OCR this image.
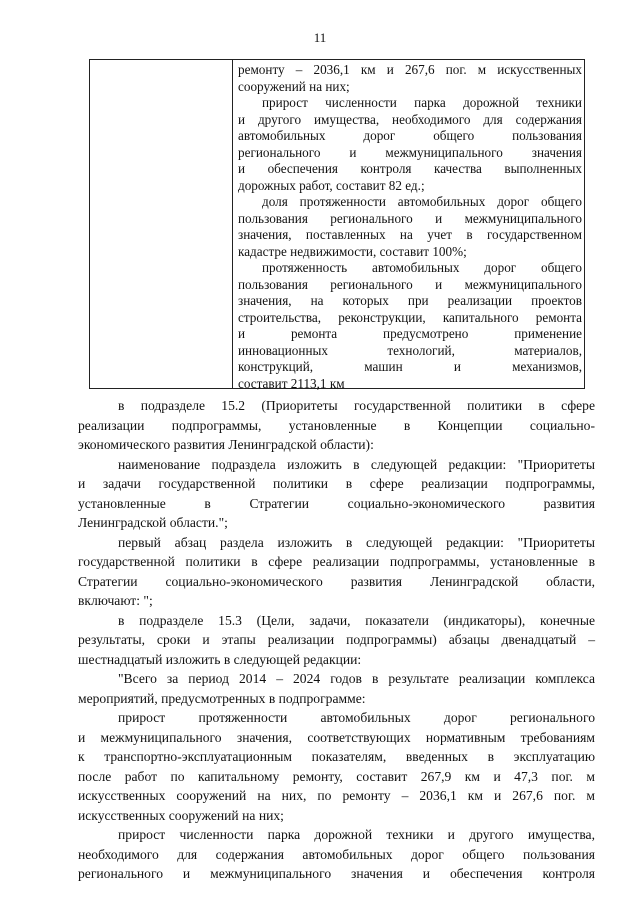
11
ремонту – 2036,1 км и 267,6 пог. м искусственных
сооружений на них;
прирост численности парка дорожной техники
и другого имущества, необходимого для содержания
автомобильных дорог общего пользования
регионального и межмуниципального значения
и обеспечения контроля качества выполненных
дорожных работ, составит 82 ед.;
доля протяженности автомобильных дорог общего
пользования регионального и межмуниципального
значения, поставленных на учет в государственном
кадастре недвижимости, составит 100%;
протяженность автомобильных дорог общего
пользования регионального и межмуниципального
значения, на которых при реализации проектов
строительства, реконструкции, капитального ремонта
и ремонта предусмотрено применение
инновационных технологий, материалов,
конструкций, машин и механизмов,
составит 2113,1 км
в подразделе 15.2 (Приоритеты государственной политики в сфере
реализации подпрограммы, установленные в Концепции социально-
экономического развития Ленинградской области):
наименование подраздела изложить в следующей редакции: "Приоритеты
и задачи государственной политики в сфере реализации подпрограммы,
установленные в Стратегии социально-экономического развития
Ленинградской области.";
первый абзац раздела изложить в следующей редакции: "Приоритеты
государственной политики в сфере реализации подпрограммы, установленные в
Стратегии социально-экономического развития Ленинградской области,
включают: ";
в подразделе 15.3 (Цели, задачи, показатели (индикаторы), конечные
результаты, сроки и этапы реализации подпрограммы) абзацы двенадцатый –
шестнадцатый изложить в следующей редакции:
"Всего за период 2014 – 2024 годов в результате реализации комплекса
мероприятий, предусмотренных в подпрограмме:
прирост протяженности автомобильных дорог регионального
и межмуниципального значения, соответствующих нормативным требованиям
к транспортно-эксплуатационным показателям, введенных в эксплуатацию
после работ по капитальному ремонту, составит 267,9 км и 47,3 пог. м
искусственных сооружений на них, по ремонту – 2036,1 км и 267,6 пог. м
искусственных сооружений на них;
прирост численности парка дорожной техники и другого имущества,
необходимого для содержания автомобильных дорог общего пользования
регионального и межмуниципального значения и обеспечения контроля
